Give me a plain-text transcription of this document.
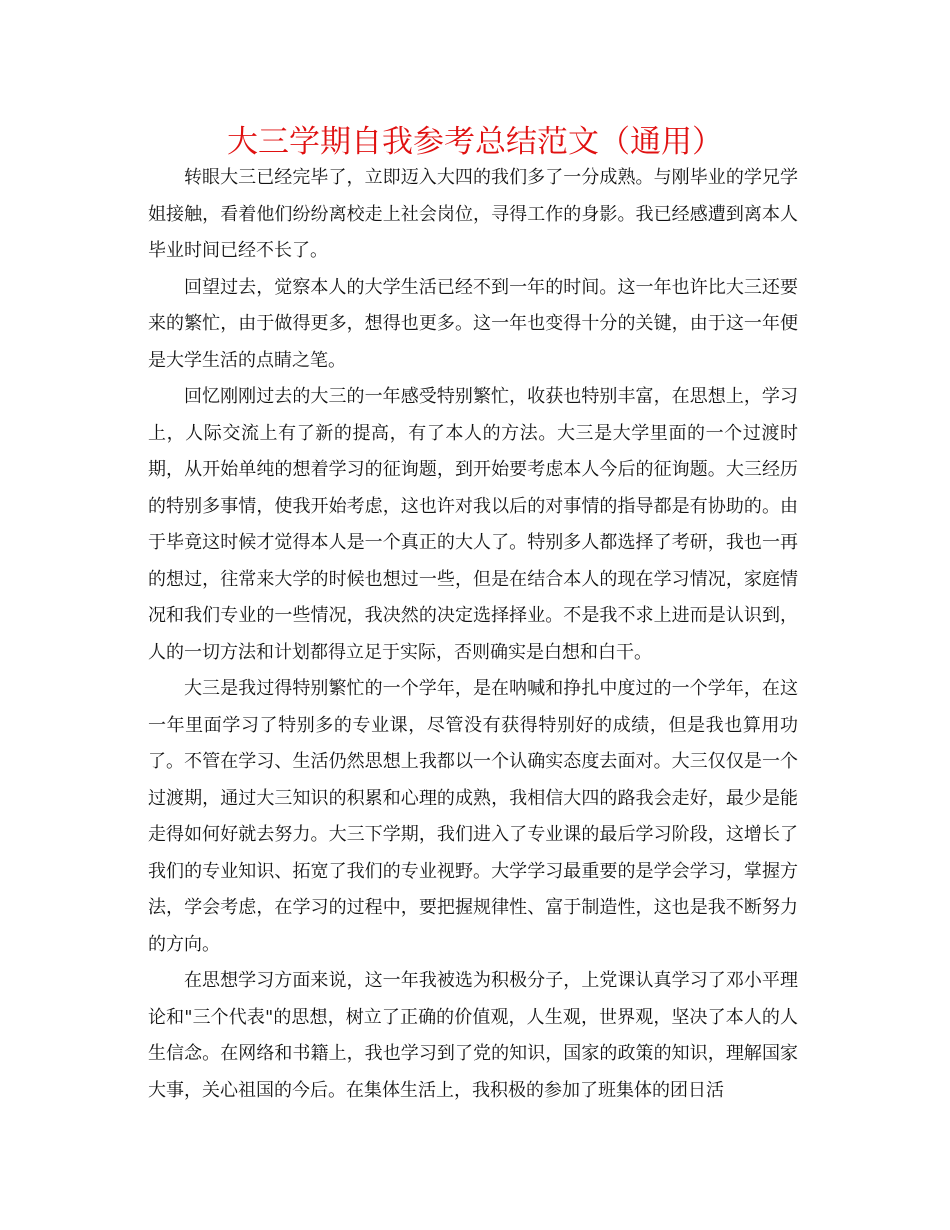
大三学期自我参考总结范文（通用）

转眼大三已经完毕了，立即迈入大四的我们多了一分成熟。与刚毕业的学兄学姐接触，看着他们纷纷离校走上社会岗位，寻得工作的身影。我已经感遭到离本人毕业时间已经不长了。

回望过去，觉察本人的大学生活已经不到一年的时间。这一年也许比大三还要来的繁忙，由于做得更多，想得也更多。这一年也变得十分的关键，由于这一年便是大学生活的点睛之笔。

回忆刚刚过去的大三的一年感受特别繁忙，收获也特别丰富，在思想上，学习上，人际交流上有了新的提高，有了本人的方法。大三是大学里面的一个过渡时期，从开始单纯的想着学习的征询题，到开始要考虑本人今后的征询题。大三经历的特别多事情，使我开始考虑，这也许对我以后的对事情的指导都是有协助的。由于毕竟这时候才觉得本人是一个真正的大人了。特别多人都选择了考研，我也一再的想过，往常来大学的时候也想过一些，但是在结合本人的现在学习情况，家庭情况和我们专业的一些情况，我决然的决定选择择业。不是我不求上进而是认识到，人的一切方法和计划都得立足于实际，否则确实是白想和白干。

大三是我过得特别繁忙的一个学年，是在呐喊和挣扎中度过的一个学年，在这一年里面学习了特别多的专业课，尽管没有获得特别好的成绩，但是我也算用功了。不管在学习、生活仍然思想上我都以一个认确实态度去面对。大三仅仅是一个过渡期，通过大三知识的积累和心理的成熟，我相信大四的路我会走好，最少是能走得如何好就去努力。大三下学期，我们进入了专业课的最后学习阶段，这增长了我们的专业知识、拓宽了我们的专业视野。大学学习最重要的是学会学习，掌握方法，学会考虑，在学习的过程中，要把握规律性、富于制造性，这也是我不断努力的方向。

在思想学习方面来说，这一年我被选为积极分子，上党课认真学习了邓小平理论和"三个代表"的思想，树立了正确的价值观，人生观，世界观，坚决了本人的人生信念。在网络和书籍上，我也学习到了党的知识，国家的政策的知识，理解国家大事，关心祖国的今后。在集体生活上，我积极的参加了班集体的团日活
